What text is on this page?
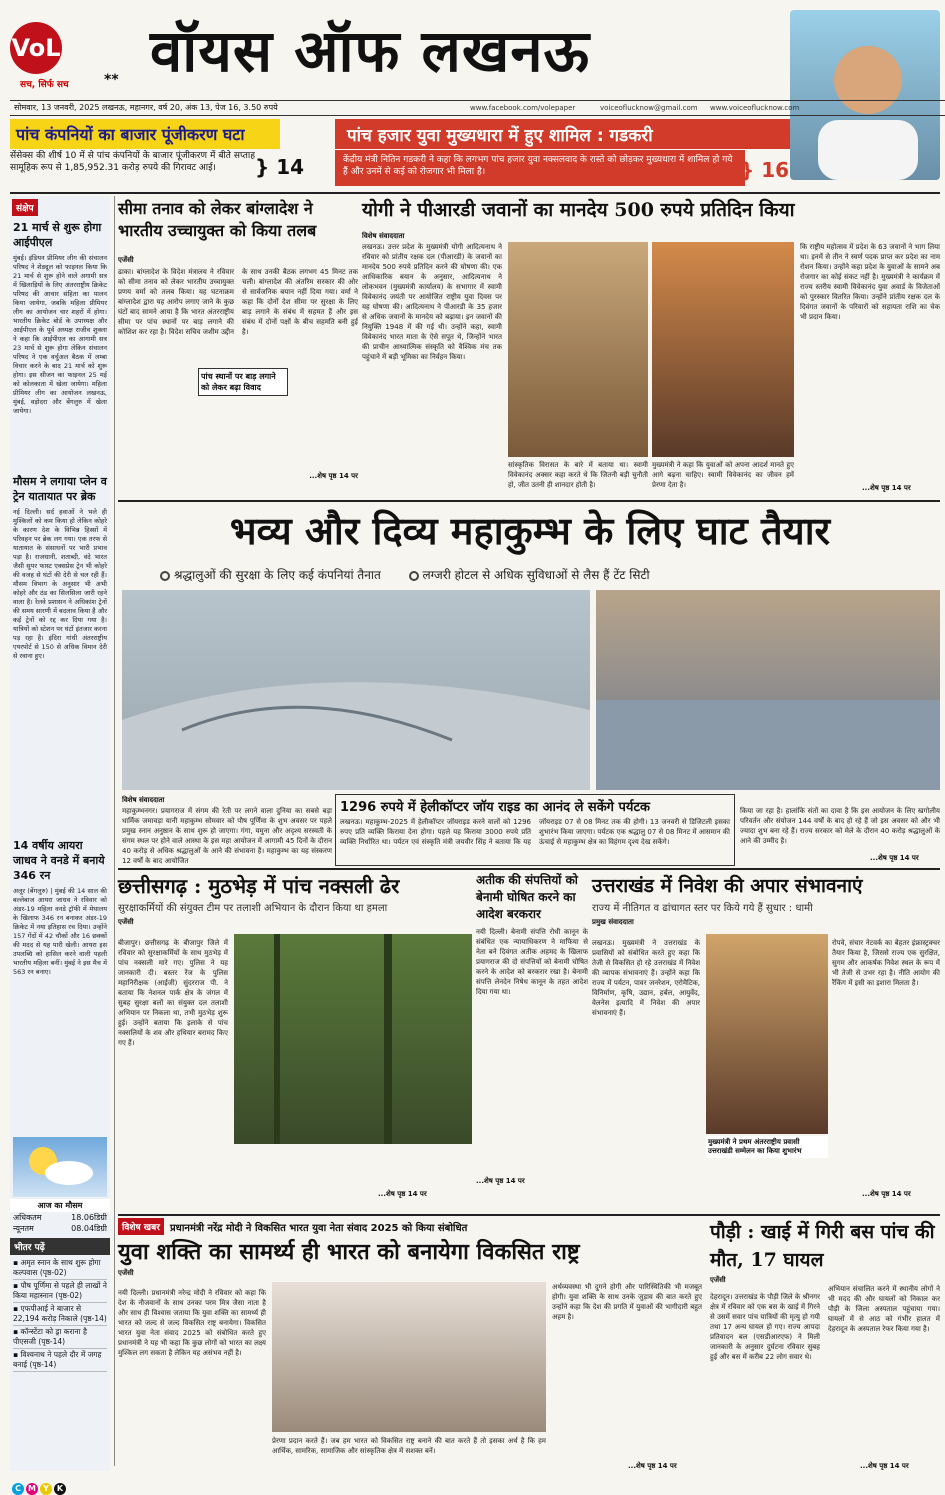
VoL
सच, सिर्फ सच	** वॉयस ऑफ लखनऊ
सोमवार, 13 जनवरी, 2025 लखनऊ, महानगर, वर्ष 20, अंक 13, पेज 16, 3.50 रुपये	www.facebook.com/volepaper	voiceoflucknow@gmail.com www.voiceoflucknow.com
पांच कंपनियों का बाजार पूंजीकरण घटा
सेंसेक्स की शीर्ष 10 में से पांच कंपनियों के बाजार पूंजीकरण में बीते सप्ताह सामूहिक रूप से 1,85,952.31 करोड़ रुपये की गिरावट आई।	} 14
पांच हजार युवा मुख्यधारा में हुए शामिल : गडकरी
केंद्रीय मंत्री नितिन गडकरी ने कहा कि लगभग पांच हजार युवा नक्सलवाद के रास्ते को छोड़कर मुख्यधारा में शामिल हो गये हैं और उनमें से कई को रोजगार भी मिला है।	} 16
संक्षेप
21 मार्च से शुरू होगा आईपीएल
मुंबई। इंडियन प्रीमियर लीग की संचालन परिषद ने शेड्यूल को फाइनल किया कि 21 मार्च से शुरू होने वाले अगामी सत्र में खिलाड़ियों के लिए अंतरराष्ट्रीय क्रिकेट परिषद की आचार संहिता का पालन किया जायेगा, जबकि महिला प्रीमियर लीग का आयोजन चार शहरों में होगा। भारतीय क्रिकेट बोर्ड के उपाध्यक्ष और आईपीएल के पूर्व अध्यक्ष राजीव शुक्ला ने कहा कि आईपीएल का आगामी सत्र 23 मार्च से शुरू होगा लेकिन संचालन परिषद ने एक वर्चुअल बैठक में लम्बा विचार करने के बाद 21 मार्च को शुरू होगा। इस सीजन का फाइनल 25 मई को कोलकाता में खेला जायेगा। महिला प्रीमियर लीग का आयोजन लखनऊ, मुंबई, वड़ोदरा और बेंगलुरु में खेला जायेगा।
मौसम ने लगाया प्लेन व ट्रेन यातायात पर ब्रेक
नई दिल्ली। सर्द हवाओं ने भले ही मुश्किलों को कम किया हो लेकिन कोहरे के कारण देश के विभिन्न हिस्सों में परिवहन पर ब्रेक लग गया। एक तरफ से यातायात के संसाधनों पर भारी प्रभाव पड़ा है। राजधानी, शताब्दी, वंदे भारत जैसी सुपर फास्ट एक्सप्रेस ट्रेन भी कोहरे की वजह से घंटों की देरी से चल रही हैं। मौसम विभाग के अनुसार भी अभी कोहरे और ठंड का सिलसिला जारी रहने वाला है। रेलवे प्रशासन ने अधिकांश ट्रेनों की समय सारणी में बदलाव किया है और कई ट्रेनों को रद्द कर दिया गया है। यात्रियों को स्टेशन पर घंटों इंतजार करना पड़ रहा है। इंदिरा गांधी अंतरराष्ट्रीय एयरपोर्ट से 150 से अधिक विमान देरी से रवाना हुए।
14 वर्षीय आयरा जाधव ने वनडे में बनाये 346 रन
अलूर (बेंगलुरु) | मुंबई की 14 साल की बल्लेबाज आयरा जाधव ने रविवार को अंडर-19 महिला वनडे ट्रॉफी में मेघालय के खिलाफ 346 रन बनाकर अंडर-19 क्रिकेट में नया इतिहास रच दिया। उन्होंने 157 गेंदों में 42 चौकों और 16 छक्कों की मदद से यह पारी खेली। आयरा इस उपलब्धि को हासिल करने वाली पहली भारतीय महिला बनीं। मुंबई ने इस मैच में 563 रन बनाए।
आज का मौसम
अधिकतम	18.06डिग्री
न्यूनतम	08.04डिग्री
भीतर पढ़ें
▪ अमृत स्नान के साथ शुरू होगा कल्पवास (पृष्ठ-02)
▪ पौष पूर्णिमा से पहले ही लाखों ने किया महास्नान (पृष्ठ-02)
▪ एफपीआई ने बाजार से 22,194 करोड़ निकाले (पृष्ठ-14)
▪ कॉन्स्टेंटा को ड्रा कराना है पीएसजी (पृष्ठ-14)
▪ विश्वनाथ ने पहले दौर में जगह बनाई (पृष्ठ-14)
सीमा तनाव को लेकर बांग्लादेश ने भारतीय उच्चायुक्त को किया तलब
एजेंसी
ढाका। बांग्लादेश के विदेश मंत्रालय ने रविवार को सीमा तनाव को लेकर भारतीय उच्चायुक्त प्रणय वर्मा को तलब किया। यह घटनाक्रम बांग्लादेश द्वारा यह आरोप लगाए जाने के कुछ घंटों बाद सामने आया है कि भारत अंतरराष्ट्रीय सीमा पर पांच स्थानों पर बाड़ लगाने की कोशिश कर रहा है। विदेश सचिव जशीम उद्दीन के साथ उनकी बैठक लगभग 45 मिनट तक चली। बांग्लादेश की अंतरिम सरकार की ओर से सार्वजनिक बयान नहीं दिया गया। वर्मा ने कहा कि दोनों देश सीमा पर सुरक्षा के लिए बाड़ लगाने के संबंध में सहमत हैं और इस संबंध में दोनों पक्षों के बीच सहमति बनी हुई है।
पांच स्थानों पर बाड़ लगाने को लेकर बढ़ा विवाद
...शेष पृष्ठ 14 पर
योगी ने पीआरडी जवानों का मानदेय 500 रुपये प्रतिदिन किया
विशेष संवाददाता
लखनऊ। उत्तर प्रदेश के मुख्यमंत्री योगी आदित्यनाथ ने रविवार को प्रांतीय रक्षक दल (पीआरडी) के जवानों का मानदेय 500 रुपये प्रतिदिन करने की घोषणा की। एक आधिकारिक बयान के अनुसार, आदित्यनाथ ने लोकभवन (मुख्यमंत्री कार्यालय) के सभागार में स्वामी विवेकानंद जयंती पर आयोजित राष्ट्रीय युवा दिवस पर यह घोषणा की। आदित्यनाथ ने पीआरडी के 35 हजार से अधिक जवानों के मानदेय को बढ़ाया। इन जवानों की नियुक्ति 1948 में की गई थी। उन्होंने कहा, स्वामी विवेकानंद भारत माता के ऐसे सपूत थे, जिन्होंने भारत की प्राचीन आध्यात्मिक संस्कृति को वैश्विक मंच तक पहुंचाने में बड़ी भूमिका का निर्वहन किया।
सांस्कृतिक विरासत के बारे में बताया था। स्वामी विवेकानंद अक्सर कहा करते थे कि जितनी बड़ी चुनौती हो, जीत उतनी ही शानदार होती है।
मुख्यमंत्री ने कहा कि युवाओं को अपना आदर्श मानते हुए आगे बढ़ना चाहिए। स्वामी विवेकानंद का जीवन हमें प्रेरणा देता है।
कि राष्ट्रीय महोत्सव में प्रदेश के 63 जवानों ने भाग लिया था। इनमें से तीन ने स्वर्ण पदक प्राप्त कर प्रदेश का नाम रोशन किया। उन्होंने कहा प्रदेश के युवाओं के सामने अब रोजगार का कोई संकट नहीं है। मुख्यमंत्री ने कार्यक्रम में राज्य स्तरीय स्वामी विवेकानंद युवा अवार्ड के विजेताओं को पुरस्कार वितरित किया। उन्होंने प्रांतीय रक्षक दल के दिवंगत जवानों के परिवारों को सहायता राशि का चेक भी प्रदान किया।
...शेष पृष्ठ 14 पर
भव्य और दिव्य महाकुम्भ के लिए घाट तैयार
श्रद्धालुओं की सुरक्षा के लिए कई कंपनियां तैनात	लग्जरी होटल से अधिक सुविधाओं से लैस हैं टेंट सिटी
विशेष संवाददाता
महाकुम्भनगर। प्रयागराज में संगम की रेती पर लगने वाला दुनिया का सबसे बड़ा धार्मिक जमावड़ा यानी महाकुम्भ सोमवार को पौष पूर्णिमा के शुभ अवसर पर पहले प्रमुख स्नान अनुष्ठान के साथ शुरू हो जाएगा। गंगा, यमुना और अदृश्य सरस्वती के संगम स्थल पर होने वाले आस्था के इस महा आयोजन में आगामी 45 दिनों के दौरान 40 करोड़ से अधिक श्रद्धालुओं के आने की संभावना है। महाकुम्भ का यह संस्करण 12 वर्षों के बाद आयोजित
1296 रुपये में हेलीकॉप्टर जॉय राइड का आनंद ले सकेंगे पर्यटक
लखनऊ। महाकुम्भ-2025 में हेलीकॉप्टर जॉयराइड करने वालों को 1296 रुपए प्रति व्यक्ति किराया देना होगा। पहले यह किराया 3000 रुपये प्रति व्यक्ति निर्धारित था। पर्यटन एवं संस्कृति मंत्री जयवीर सिंह ने बताया कि यह जॉयराइड 07 से 08 मिनट तक की होगी। 13 जनवरी से डिजिटली इसका शुभारंभ किया जाएगा। पर्यटक एक श्रद्धालु 07 से 08 मिनट में आसमान की ऊंचाई से महाकुम्भ क्षेत्र का विहंगम दृश्य देख सकेंगे।
किया जा रहा है। हालांकि संतों का दावा है कि इस आयोजन के लिए खगोलीय परिवर्तन और संयोजन 144 वर्षों के बाद हो रहे हैं जो इस अवसर को और भी ज्यादा शुभ बना रहे हैं। राज्य सरकार को मेले के दौरान 40 करोड़ श्रद्धालुओं के आने की उम्मीद है।
...शेष पृष्ठ 14 पर
छत्तीसगढ़ : मुठभेड़ में पांच नक्सली ढेर
सुरक्षाकर्मियों की संयुक्त टीम पर तलाशी अभियान के दौरान किया था हमला
एजेंसी
बीजापुर। छत्तीसगढ़ के बीजापुर जिले में रविवार को सुरक्षाकर्मियों के साथ मुठभेड़ में पांच नक्सली मारे गए। पुलिस ने यह जानकारी दी। बस्तर रेंज के पुलिस महानिरीक्षक (आईजी) सुंदरराज पी. ने बताया कि नेशनल पार्क क्षेत्र के जंगल में सुबह सुरक्षा बलों का संयुक्त दल तलाशी अभियान पर निकला था, तभी मुठभेड़ शुरू हुई। उन्होंने बताया कि इलाके से पांच नक्सलियों के शव और हथियार बरामद किए गए हैं।
...शेष पृष्ठ 14 पर
अतीक की संपत्तियों को बेनामी घोषित करने का आदेश बरकरार
नयी दिल्ली। बेनामी संपत्ति रोधी कानून के संबंधित एक न्यायाधिकरण ने माफिया से नेता बने दिवंगत अतीक अहमद के खिलाफ प्रयागराज की दो संपत्तियों को बेनामी घोषित करने के आदेश को बरकरार रखा है। बेनामी संपत्ति लेनदेन निषेध कानून के तहत आदेश दिया गया था।
...शेष पृष्ठ 14 पर
उत्तराखंड में निवेश की अपार संभावनाएं
राज्य में नीतिगत व ढांचागत स्तर पर किये गये हैं सुधार : धामी
प्रमुख संवाददाता
लखनऊ। मुख्यमंत्री ने उत्तराखंड के प्रवासियों को संबोधित करते हुए कहा कि तेजी से विकसित हो रहे उत्तराखंड में निवेश की व्यापक संभावनाएं हैं। उन्होंने कहा कि राज्य में पर्यटन, पावर जनरेशन, एरोमैटिक, विनिर्माण, कृषि, उद्यान, हर्बल, आयुर्वेद, वेलनेस इत्यादि में निवेश की अपार संभावनाएं हैं।
मुख्यमंत्री ने प्रथम अंतरराष्ट्रीय प्रवासी उत्तराखंडी सम्मेलन का किया शुभारंभ
रोपवे, संचार नेटवर्क का बेहतर इंफ्रास्ट्रक्चर तैयार किया है, जिससे राज्य एक सुरक्षित, सुगम और आकर्षक निवेश स्थल के रूप में भी तेजी से उभर रहा है। नीति आयोग की रैंकिंग में इसी का इशारा मिलता है।
...शेष पृष्ठ 14 पर
विशेष खबर	प्रधानमंत्री नरेंद्र मोदी ने विकसित भारत युवा नेता संवाद 2025 को किया संबोधित
युवा शक्ति का सामर्थ्य ही भारत को बनायेगा विकसित राष्ट्र
एजेंसी
नयी दिल्ली। प्रधानमंत्री नरेन्द्र मोदी ने रविवार को कहा कि देश के नौजवानों के साथ उनका परम मित्र जैसा नाता है और साथ ही विश्वास जताया कि युवा शक्ति का सामर्थ्य ही भारत को जल्द से जल्द विकसित राष्ट्र बनायेगा। विकसित भारत युवा नेता संवाद 2025 को संबोधित करते हुए प्रधानमंत्री ने यह भी कहा कि कुछ लोगों को भारत का लक्ष्य मुश्किल लग सकता है लेकिन यह असंभव नहीं है।
प्रेरणा प्रदान करते हैं। जब हम भारत को विकसित राष्ट्र बनाने की बात करते हैं तो इसका अर्थ है कि हम आर्थिक, सामरिक, सामाजिक और सांस्कृतिक क्षेत्र में सशक्त बनें।
अर्थव्यवस्था भी दुगने होगी और पारिस्थितिकी भी मजबूत होगी। युवा शक्ति के साथ उनके जुड़ाव की बात करते हुए उन्होंने कहा कि देश की प्रगति में युवाओं की भागीदारी बहुत अहम है।
...शेष पृष्ठ 14 पर
पौड़ी : खाई में गिरी बस पांच की मौत, 17 घायल
एजेंसी
देहरादून। उत्तराखंड के पौड़ी जिले के श्रीनगर क्षेत्र में रविवार को एक बस के खाई में गिरने से उसमें सवार पांच यात्रियों की मृत्यु हो गयी तथा 17 अन्य घायल हो गए। राज्य आपदा प्रतिवादन बल (एसडीआरएफ) ने मिली जानकारी के अनुसार दुर्घटना रविवार सुबह हुई और बस में करीब 22 लोग सवार थे।
अभियान संचालित करने में स्थानीय लोगों ने भी मदद की और घायलों को निकाल कर पौड़ी के जिला अस्पताल पहुंचाया गया। घायलों में से आठ को गंभीर हालत में देहरादून के अस्पताल रेफर किया गया है।
...शेष पृष्ठ 14 पर
C M Y K
